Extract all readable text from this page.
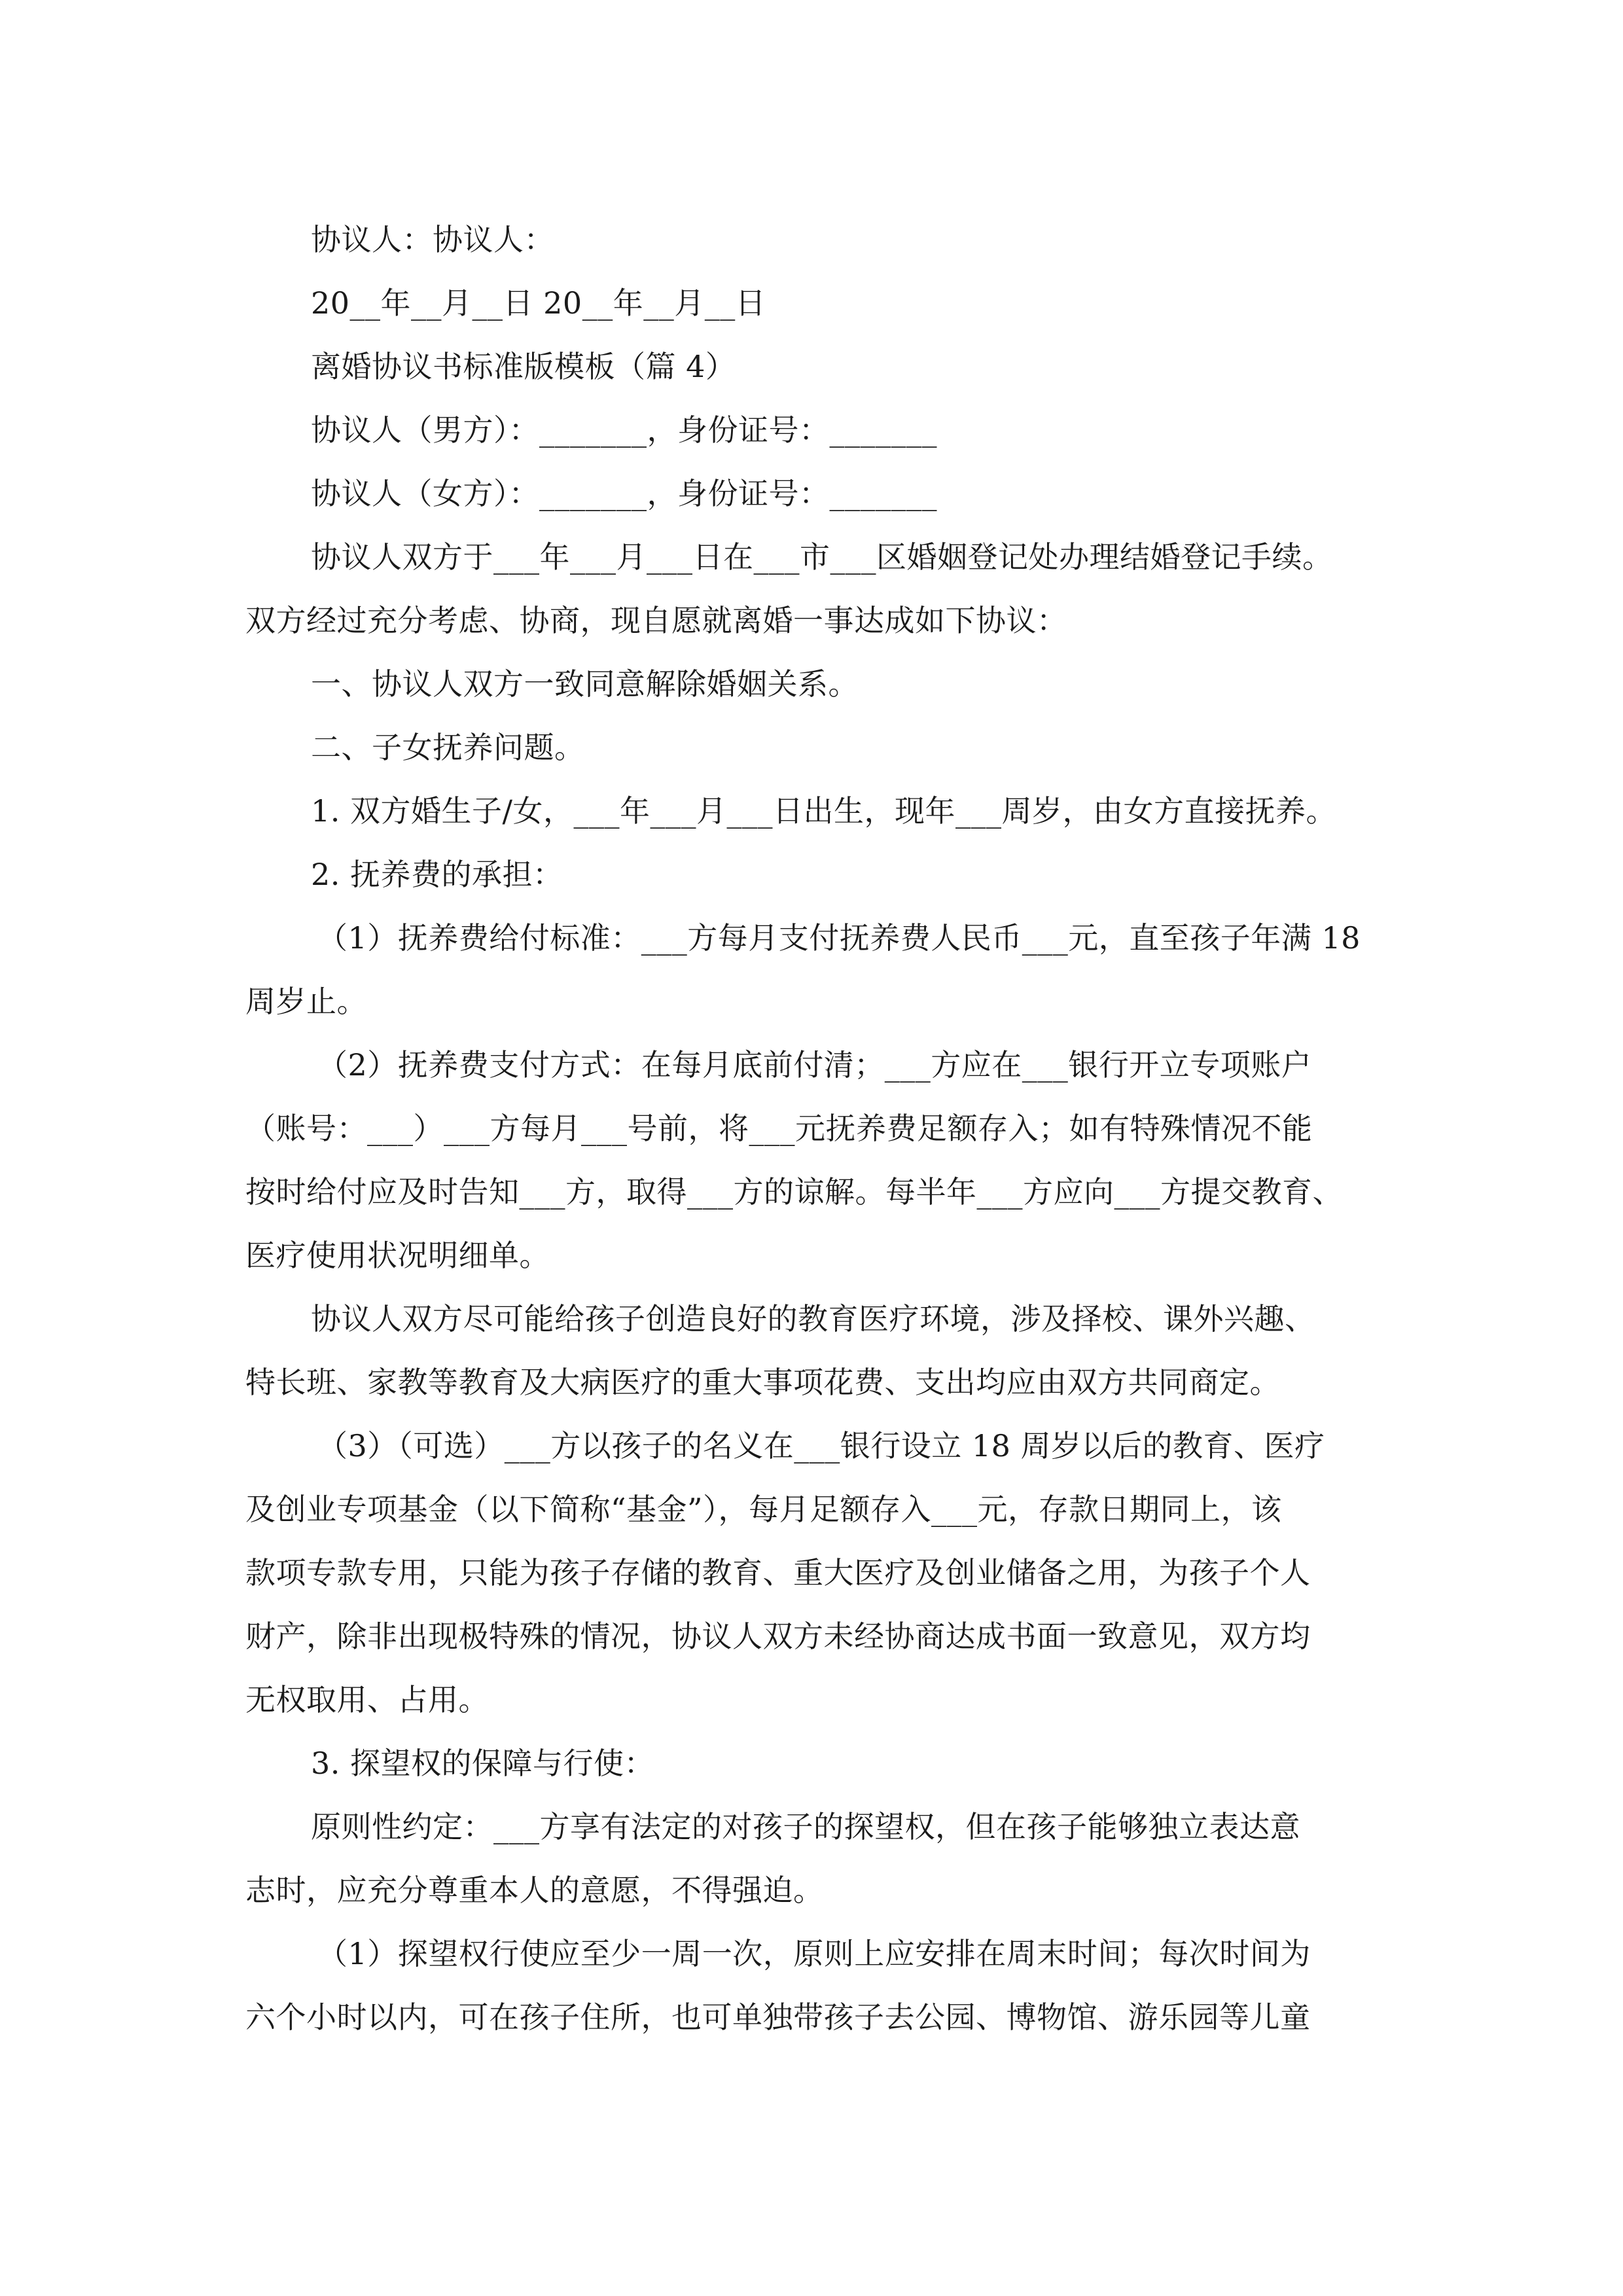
协议人：协议人：

20__年__月__日 20__年__月__日

离婚协议书标准版模板（篇 4）

协议人（男方）：_______，身份证号：_______

协议人（女方）：_______，身份证号：_______

协议人双方于___年___月___日在___市___区婚姻登记处办理结婚登记手续。

双方经过充分考虑、协商，现自愿就离婚一事达成如下协议：

一、协议人双方一致同意解除婚姻关系。

二、子女抚养问题。

1. 双方婚生子/女，___年___月___日出生，现年___周岁，由女方直接抚养。

2. 抚养费的承担：

（1）抚养费给付标准：___方每月支付抚养费人民币___元，直至孩子年满 18

周岁止。

（2）抚养费支付方式：在每月底前付清；___方应在___银行开立专项账户

（账号：___）___方每月___号前，将___元抚养费足额存入；如有特殊情况不能

按时给付应及时告知___方，取得___方的谅解。每半年___方应向___方提交教育、

医疗使用状况明细单。

协议人双方尽可能给孩子创造良好的教育医疗环境，涉及择校、课外兴趣、

特长班、家教等教育及大病医疗的重大事项花费、支出均应由双方共同商定。

（3）（可选）___方以孩子的名义在___银行设立 18 周岁以后的教育、医疗

及创业专项基金（以下简称“基金”），每月足额存入___元，存款日期同上，该

款项专款专用，只能为孩子存储的教育、重大医疗及创业储备之用，为孩子个人

财产，除非出现极特殊的情况，协议人双方未经协商达成书面一致意见，双方均

无权取用、占用。

3. 探望权的保障与行使：

原则性约定：___方享有法定的对孩子的探望权，但在孩子能够独立表达意

志时，应充分尊重本人的意愿，不得强迫。

（1）探望权行使应至少一周一次，原则上应安排在周末时间；每次时间为

六个小时以内，可在孩子住所，也可单独带孩子去公园、博物馆、游乐园等儿童
